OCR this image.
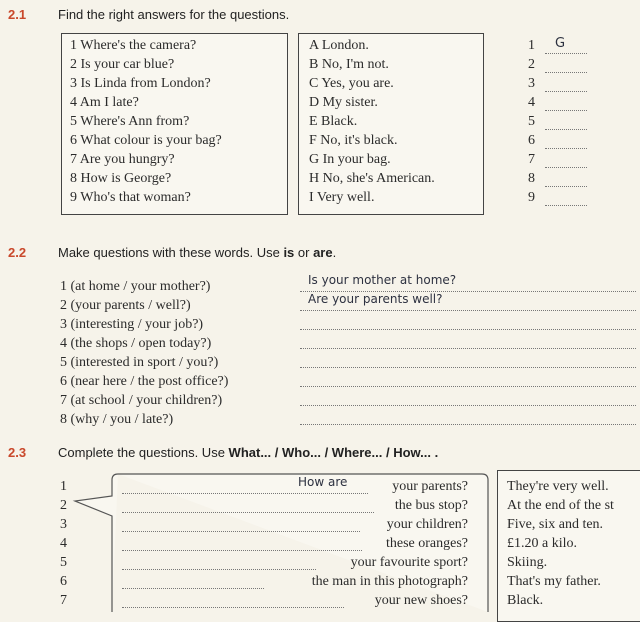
2.1 Find the right answers for the questions.
1 Where's the camera?
2 Is your car blue?
3 Is Linda from London?
4 Am I late?
5 Where's Ann from?
6 What colour is your bag?
7 Are you hungry?
8 How is George?
9 Who's that woman?
A London.
B No, I'm not.
C Yes, you are.
D My sister.
E Black.
F No, it's black.
G In your bag.
H No, she's American.
I Very well.
1
2
3
4
5
6
7
8
9
G
2.2 Make questions with these words. Use is or are.
1 (at home / your mother?)
2 (your parents / well?)
3 (interesting / your job?)
4 (the shops / open today?)
5 (interested in sport / you?)
6 (near here / the post office?)
7 (at school / your children?)
8 (why / you / late?)
Is your mother at home?
Are your parents well?
2.3 Complete the questions. Use What... / Who... / Where... / How... .
1
2
3
4
5
6
7
How are	your parents?
the bus stop?
your children?
these oranges?
your favourite sport?
the man in this photograph?
your new shoes?
They're very well.
At the end of the st
Five, six and ten.
£1.20 a kilo.
Skiing.
That's my father.
Black.
